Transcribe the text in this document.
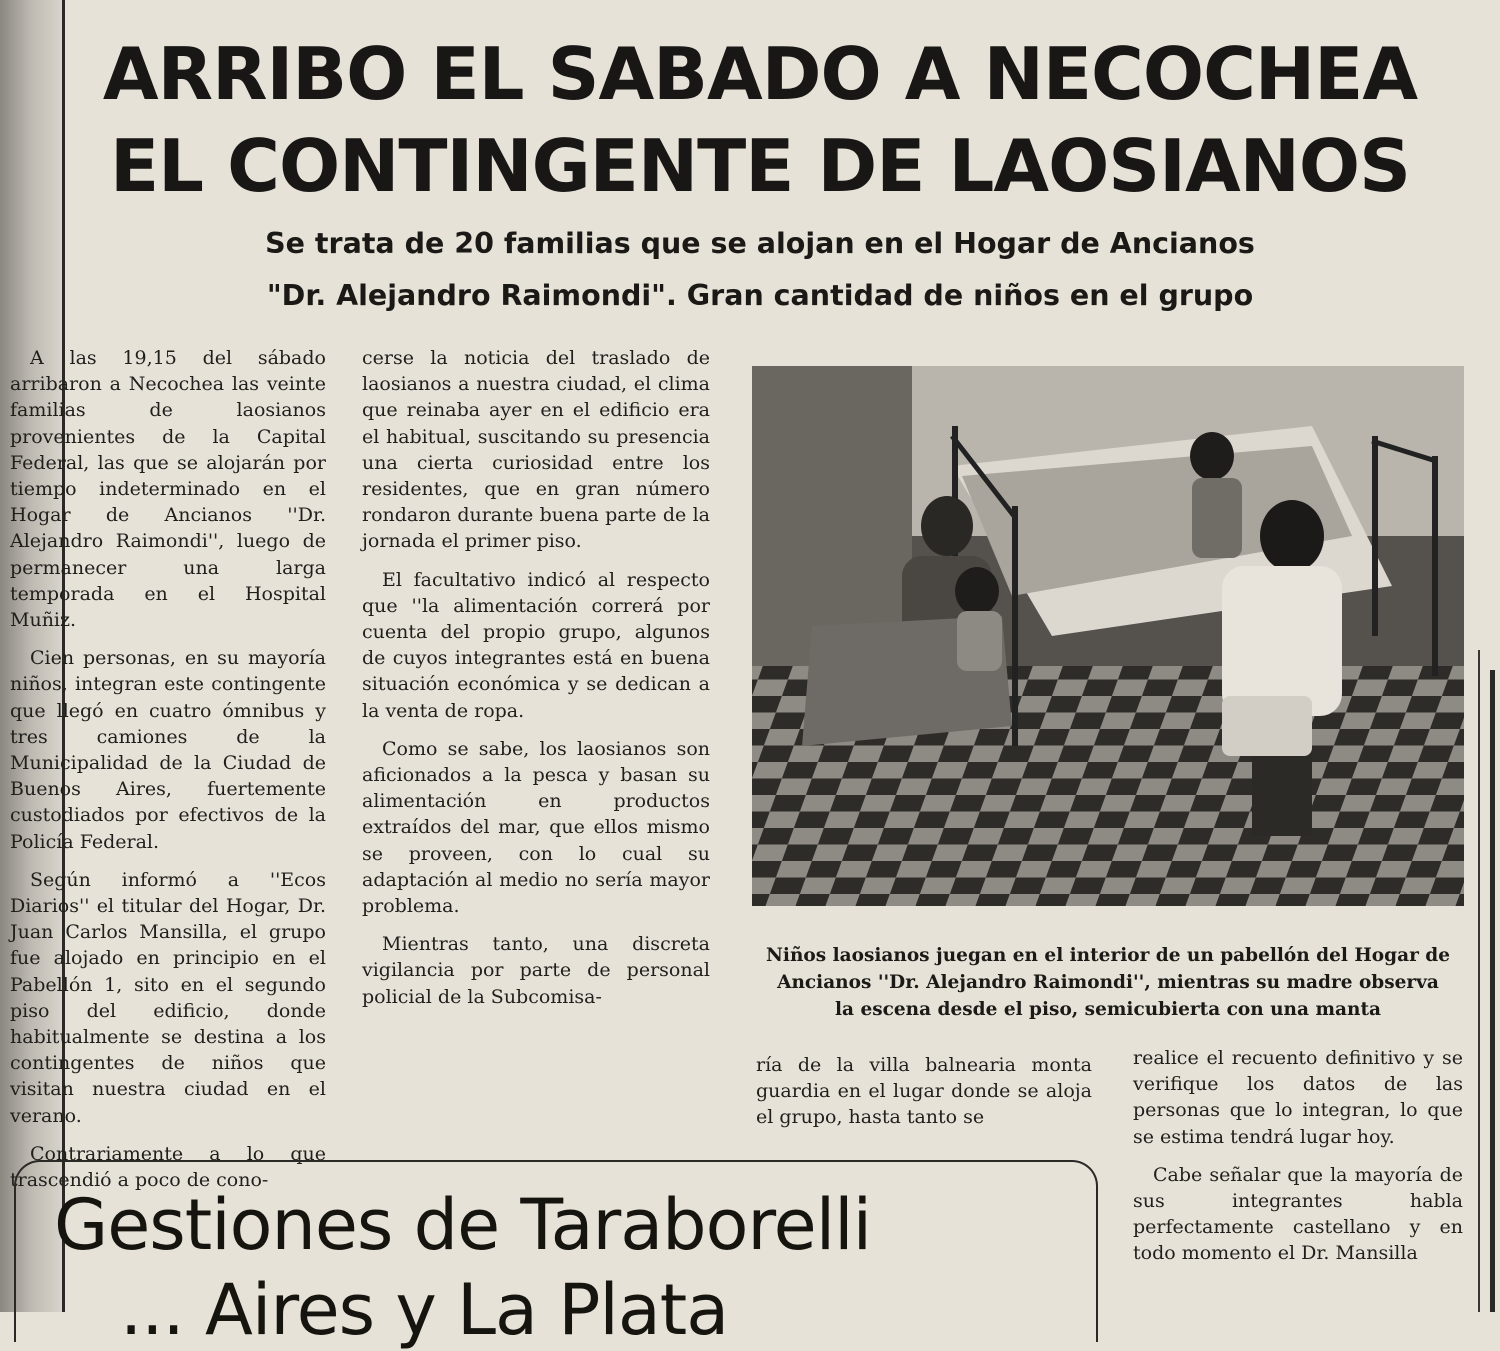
ARRIBO EL SABADO A NECOCHEA
EL CONTINGENTE DE LAOSIANOS
Se trata de 20 familias que se alojan en el Hogar de Ancianos
"Dr. Alejandro Raimondi". Gran cantidad de niños en el grupo

A las 19,15 del sábado arribaron a Necochea las veinte familias de laosianos provenientes de la Capital Federal, las que se alojarán por tiempo indeterminado en el Hogar de Ancianos ''Dr. Alejandro Raimondi'', luego de permanecer una larga temporada en el Hospital Muñiz.

Cien personas, en su mayoría niños, integran este contingente que llegó en cuatro ómnibus y tres camiones de la Municipalidad de la Ciudad de Buenos Aires, fuertemente custodiados por efectivos de la Policía Federal.

Según informó a ''Ecos Diarios'' el titular del Hogar, Dr. Juan Carlos Mansilla, el grupo fue alojado en principio en el Pabellón 1, sito en el segundo piso del edificio, donde habitualmente se destina a los contingentes de niños que visitan nuestra ciudad en el verano.

Contrariamente a lo que trascendió a poco de cono-

cerse la noticia del traslado de laosianos a nuestra ciudad, el clima que reinaba ayer en el edificio era el habitual, suscitando su presencia una cierta curiosidad entre los residentes, que en gran número rondaron durante buena parte de la jornada el primer piso.

El facultativo indicó al respecto que ''la alimentación correrá por cuenta del propio grupo, algunos de cuyos integrantes está en buena situación económica y se dedican a la venta de ropa.

Como se sabe, los laosianos son aficionados a la pesca y basan su alimentación en productos extraídos del mar, que ellos mismo se proveen, con lo cual su adaptación al medio no sería mayor problema.

Mientras tanto, una discreta vigilancia por parte de personal policial de la Subcomisa-

Niños laosianos juegan en el interior de un pabellón del Hogar de
Ancianos ''Dr. Alejandro Raimondi'', mientras su madre observa
la escena desde el piso, semicubierta con una manta

ría de la villa balnearia monta guardia en el lugar donde se aloja el grupo, hasta tanto se

realice el recuento definitivo y se verifique los datos de las personas que lo integran, lo que se estima tendrá lugar hoy.

Cabe señalar que la mayoría de sus integrantes habla perfectamente castellano y en todo momento el Dr. Mansilla

Gestiones de Taraborelli
... Aires y La Plata
